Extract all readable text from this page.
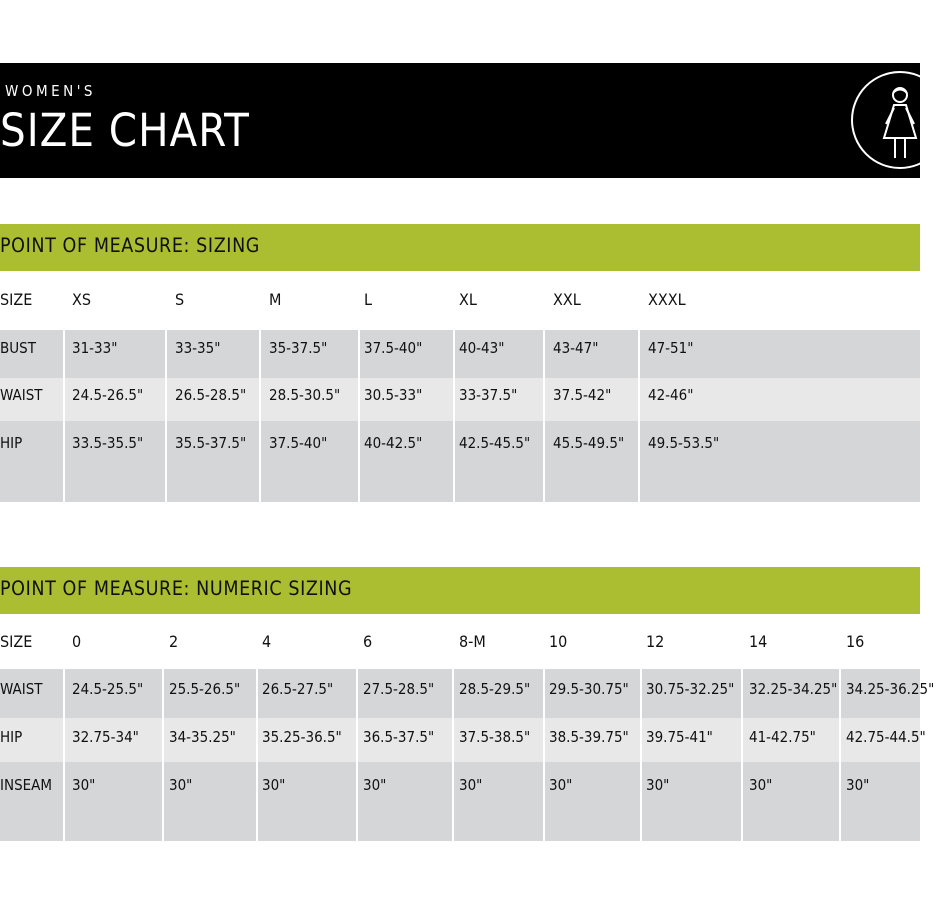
WOMEN'S
SIZE CHART
POINT OF MEASURE: SIZING
SIZE XS	S	M	L	XL	XXL	XXXL
BUST 31-33"	33-35"	35-37.5" 37.5-40" 40-43"	43-47"	47-51"
WAIST 24.5-26.5" 26.5-28.5" 28.5-30.5" 30.5-33" 33-37.5" 37.5-42" 42-46"
HIP	33.5-35.5" 35.5-37.5" 37.5-40" 40-42.5" 42.5-45.5" 45.5-49.5" 49.5-53.5"
POINT OF MEASURE: NUMERIC SIZING
SIZE 0	2	4	6	8-M	10	12	14	16
WAIST 24.5-25.5" 25.5-26.5" 26.5-27.5" 27.5-28.5" 28.5-29.5" 29.5-30.75" 30.75-32.25" 32.25-34.25" 34.25-36.25"
HIP	32.75-34" 34-35.25" 35.25-36.5" 36.5-37.5" 37.5-38.5" 38.5-39.75" 39.75-41" 41-42.75" 42.75-44.5"
INSEAM 30"	30"	30"	30"	30"	30"	30"	30"	30"
